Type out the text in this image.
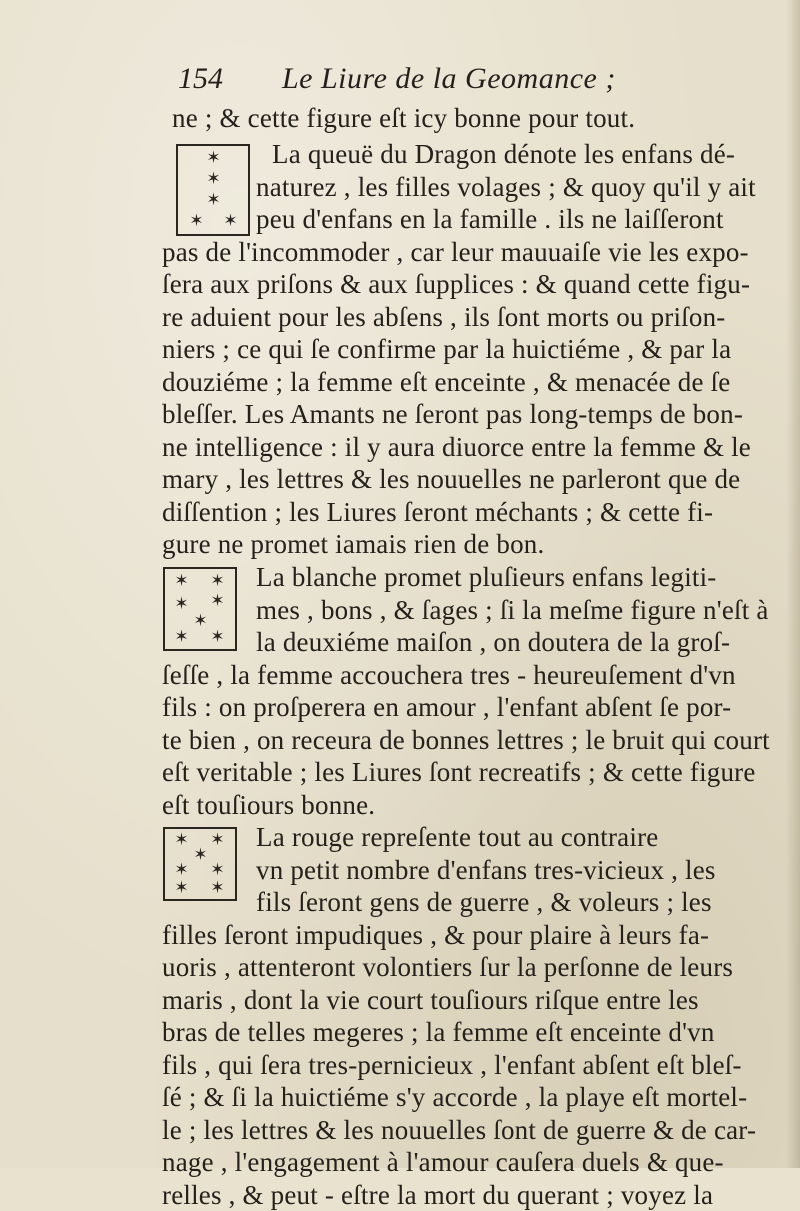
154 Le Liure de la Geomance ;
✶
✶
✶
✶ ✶
✶ ✶
✶ ✶
✶
✶ ✶
✶ ✶
✶
✶ ✶
✶ ✶
ne ; & cette figure eſt icy bonne pour tout.
La queuë du Dragon dénote les enfans dé-
naturez , les filles volages ; & quoy qu'il y ait
peu d'enfans en la famille . ils ne laiſſeront
pas de l'incommoder , car leur mauuaiſe vie les expo-
ſera aux priſons & aux ſupplices : & quand cette figu-
re aduient pour les abſens , ils ſont morts ou priſon-
niers ; ce qui ſe confirme par la huictiéme , & par la
douziéme ; la femme eſt enceinte , & menacée de ſe
bleſſer. Les Amants ne ſeront pas long-temps de bon-
ne intelligence : il y aura diuorce entre la femme & le
mary , les lettres & les nouuelles ne parleront que de
diſſention ; les Liures ſeront méchants ; & cette fi-
gure ne promet iamais rien de bon.
La blanche promet pluſieurs enfans legiti-
mes , bons , & ſages ; ſi la meſme figure n'eſt à
la deuxiéme maiſon , on doutera de la groſ-
ſeſſe , la femme accouchera tres - heureuſement d'vn
fils : on proſperera en amour , l'enfant abſent ſe por-
te bien , on receura de bonnes lettres ; le bruit qui court
eſt veritable ; les Liures ſont recreatifs ; & cette figure
eſt touſiours bonne.
La rouge repreſente tout au contraire
vn petit nombre d'enfans tres-vicieux , les
fils ſeront gens de guerre , & voleurs ; les
filles ſeront impudiques , & pour plaire à leurs fa-
uoris , attenteront volontiers ſur la perſonne de leurs
maris , dont la vie court touſiours riſque entre les
bras de telles megeres ; la femme eſt enceinte d'vn
fils , qui ſera tres-pernicieux , l'enfant abſent eſt bleſ-
ſé ; & ſi la huictiéme s'y accorde , la playe eſt mortel-
le ; les lettres & les nouuelles ſont de guerre & de car-
nage , l'engagement à l'amour cauſera duels & que-
relles , & peut - eſtre la mort du querant ; voyez la
